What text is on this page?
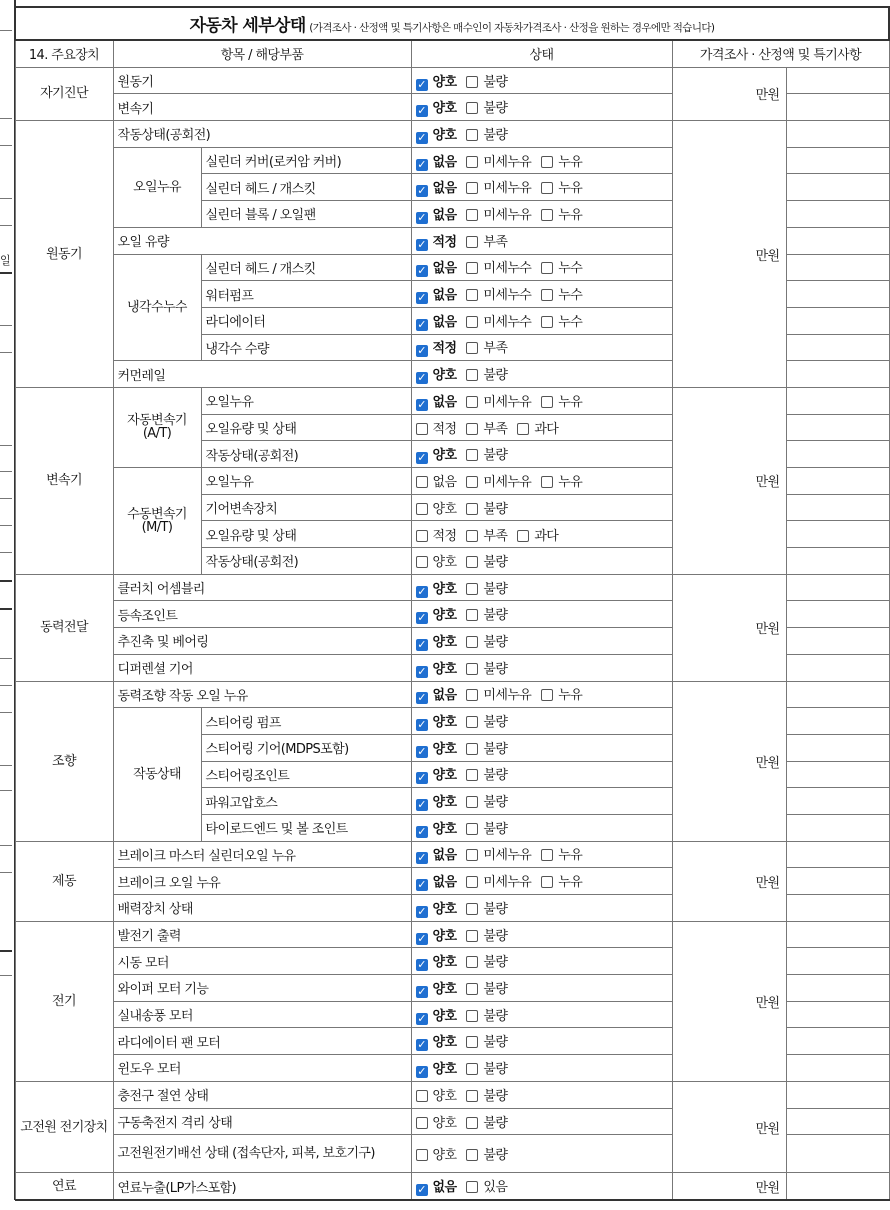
일
자동차 세부상태 (가격조사 · 산정액 및 특기사항은 매수인이 자동차가격조사 · 산정을 원하는 경우에만 적습니다)					
14. 주요장치	항목 / 해당부품		상태	가격조사 · 산정액 및 특기사항	
자기진단	원동기		✓ 양호 불량	만원	
	변속기		✓ 양호 불량		
원동기	작동상태(공회전)		✓ 양호 불량	만원	
	오일누유	실린더 커버(로커암 커버)	✓ 없음 미세누유 누유		
		실린더 헤드 / 개스킷	✓ 없음 미세누유 누유		
		실린더 블록 / 오일팬	✓ 없음 미세누유 누유		
	오일 유량		✓ 적정 부족		
	냉각수누수	실린더 헤드 / 개스킷	✓ 없음 미세누수 누수		
		워터펌프	✓ 없음 미세누수 누수		
		라디에이터	✓ 없음 미세누수 누수		
		냉각수 수량	✓ 적정 부족		
	커먼레일		✓ 양호 불량		
변속기	자동변속기 (A/T)	오일누유	✓ 없음 미세누유 누유	만원	
		오일유량 및 상태	적정 부족 과다		
		작동상태(공회전)	✓ 양호 불량		
	수동변속기 (M/T)	오일누유	없음 미세누유 누유		
		기어변속장치	양호 불량		
		오일유량 및 상태	적정 부족 과다		
		작동상태(공회전)	양호 불량		
동력전달	클러치 어셈블리		✓ 양호 불량	만원	
	등속조인트		✓ 양호 불량		
	추진축 및 베어링		✓ 양호 불량		
	디퍼렌셜 기어		✓ 양호 불량		
조향	동력조향 작동 오일 누유		✓ 없음 미세누유 누유	만원	
	작동상태	스티어링 펌프	✓ 양호 불량		
		스티어링 기어(MDPS포함)	✓ 양호 불량		
		스티어링조인트	✓ 양호 불량		
		파워고압호스	✓ 양호 불량		
		타이로드엔드 및 볼 조인트	✓ 양호 불량		
제동	브레이크 마스터 실린더오일 누유		✓ 없음 미세누유 누유	만원	
	브레이크 오일 누유		✓ 없음 미세누유 누유		
	배력장치 상태		✓ 양호 불량		
전기	발전기 출력		✓ 양호 불량	만원	
	시동 모터		✓ 양호 불량		
	와이퍼 모터 기능		✓ 양호 불량		
	실내송풍 모터		✓ 양호 불량		
	라디에이터 팬 모터		✓ 양호 불량		
	윈도우 모터		✓ 양호 불량		
고전원 전기장치	충전구 절연 상태		양호 불량	만원	
	구동축전지 격리 상태		양호 불량		
	고전원전기배선 상태 (접속단자, 피복, 보호기구)		양호 불량		
연료	연료누출(LP가스포함)		✓ 없음 있음	만원	
